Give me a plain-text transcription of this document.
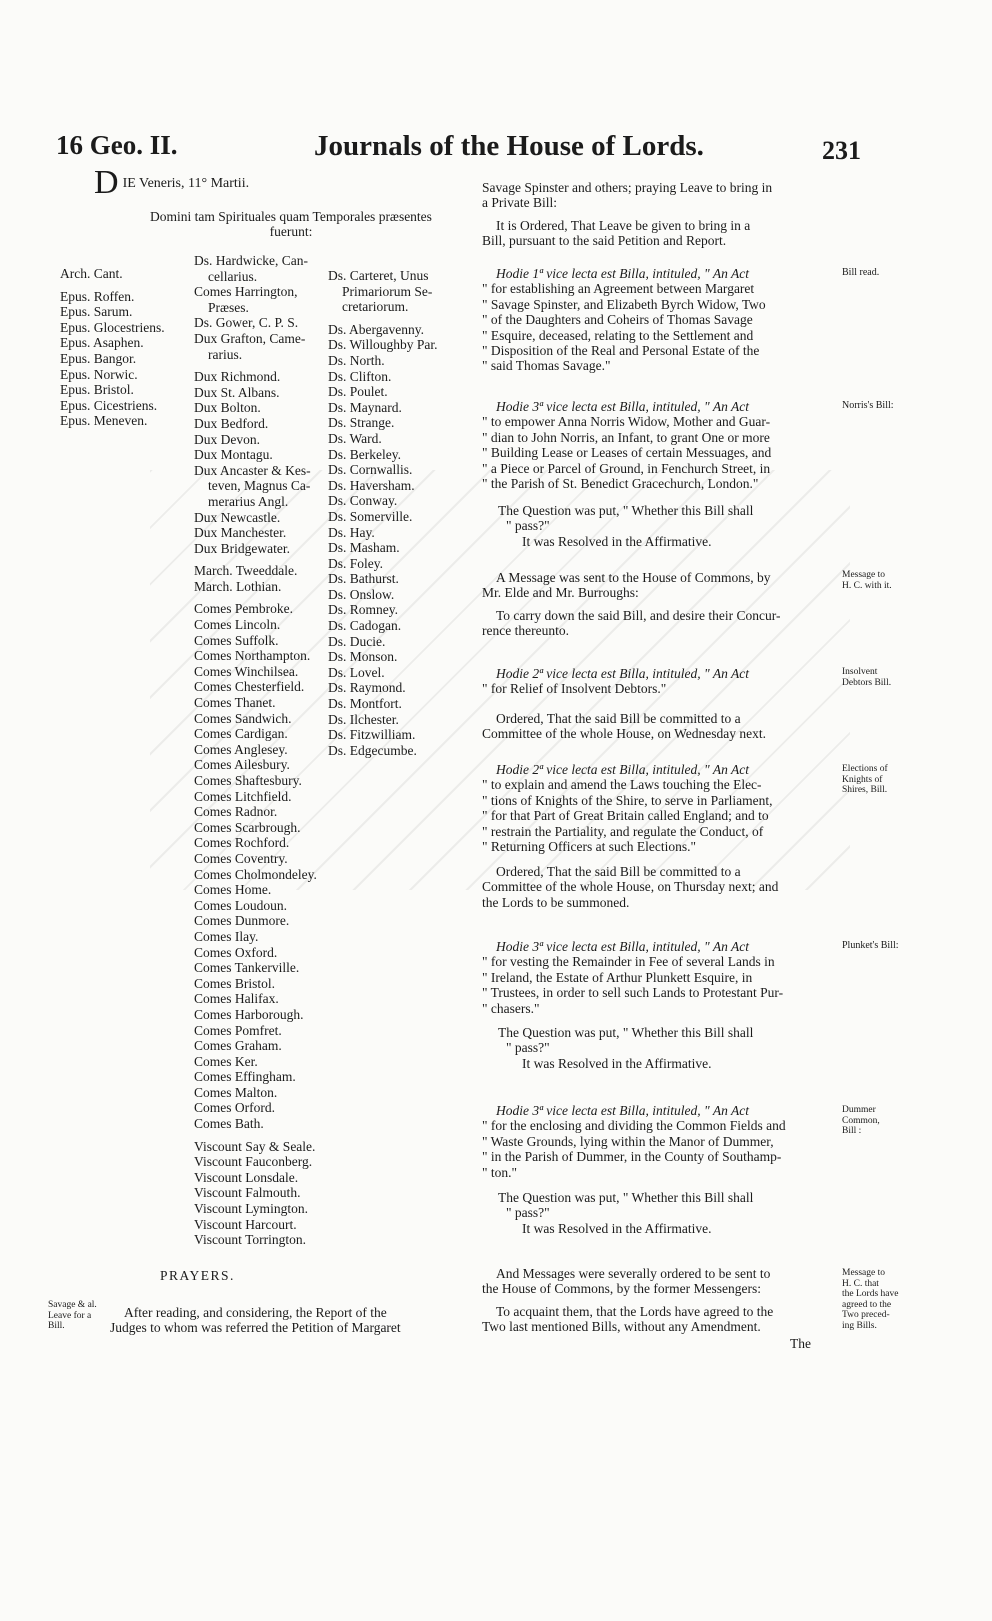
16 Geo. II.	Journals of the House of Lords.	231
D IE Veneris, 11° Martii.
Domini tam Spirituales quam Temporales præsentes
fuerunt:
Arch. Cant.
Epus. Roffen.
Epus. Sarum.
Epus. Glocestriens.
Epus. Asaphen.
Epus. Bangor.
Epus. Norwic.
Epus. Bristol.
Epus. Cicestriens.
Epus. Meneven.
Ds. Hardwicke, Can-
cellarius.
Comes Harrington,
Præses.
Ds. Gower, C. P. S.
Dux Grafton, Came-
rarius.
Dux Richmond.
Dux St. Albans.
Dux Bolton.
Dux Bedford.
Dux Devon.
Dux Montagu.
Dux Ancaster & Kes-
teven, Magnus Ca-
merarius Angl.
Dux Newcastle.
Dux Manchester.
Dux Bridgewater.
March. Tweeddale.
March. Lothian.
Comes Pembroke.
Comes Lincoln.
Comes Suffolk.
Comes Northampton.
Comes Winchilsea.
Comes Chesterfield.
Comes Thanet.
Comes Sandwich.
Comes Cardigan.
Comes Anglesey.
Comes Ailesbury.
Comes Shaftesbury.
Comes Litchfield.
Comes Radnor.
Comes Scarbrough.
Comes Rochford.
Comes Coventry.
Comes Cholmondeley.
Comes Home.
Comes Loudoun.
Comes Dunmore.
Comes Ilay.
Comes Oxford.
Comes Tankerville.
Comes Bristol.
Comes Halifax.
Comes Harborough.
Comes Pomfret.
Comes Graham.
Comes Ker.
Comes Effingham.
Comes Malton.
Comes Orford.
Comes Bath.
Viscount Say & Seale.
Viscount Fauconberg.
Viscount Lonsdale.
Viscount Falmouth.
Viscount Lymington.
Viscount Harcourt.
Viscount Torrington.
Ds. Carteret, Unus
Primariorum Se-
cretariorum.
Ds. Abergavenny.
Ds. Willoughby Par.
Ds. North.
Ds. Clifton.
Ds. Poulet.
Ds. Maynard.
Ds. Strange.
Ds. Ward.
Ds. Berkeley.
Ds. Cornwallis.
Ds. Haversham.
Ds. Conway.
Ds. Somerville.
Ds. Hay.
Ds. Masham.
Ds. Foley.
Ds. Bathurst.
Ds. Onslow.
Ds. Romney.
Ds. Cadogan.
Ds. Ducie.
Ds. Monson.
Ds. Lovel.
Ds. Raymond.
Ds. Montfort.
Ds. Ilchester.
Ds. Fitzwilliam.
Ds. Edgecumbe.
PRAYERS.
Savage & al.
Leave for a
Bill.
After reading, and considering, the Report of the
Judges to whom was referred the Petition of Margaret
Savage Spinster and others; praying Leave to bring in
a Private Bill:
It is Ordered, That Leave be given to bring in a
Bill, pursuant to the said Petition and Report.
Hodie 1ª vice lecta est Billa, intituled, " An Act
" for establishing an Agreement between Margaret
" Savage Spinster, and Elizabeth Byrch Widow, Two
" of the Daughters and Coheirs of Thomas Savage
" Esquire, deceased, relating to the Settlement and
" Disposition of the Real and Personal Estate of the
" said Thomas Savage."
Hodie 3ª vice lecta est Billa, intituled, " An Act
" to empower Anna Norris Widow, Mother and Guar-
" dian to John Norris, an Infant, to grant One or more
" Building Lease or Leases of certain Messuages, and
" a Piece or Parcel of Ground, in Fenchurch Street, in
" the Parish of St. Benedict Gracechurch, London."
The Question was put, " Whether this Bill shall
" pass?"
It was Resolved in the Affirmative.
A Message was sent to the House of Commons, by
Mr. Elde and Mr. Burroughs:
To carry down the said Bill, and desire their Concur-
rence thereunto.
Hodie 2ª vice lecta est Billa, intituled, " An Act
" for Relief of Insolvent Debtors."
Ordered, That the said Bill be committed to a
Committee of the whole House, on Wednesday next.
Hodie 2ª vice lecta est Billa, intituled, " An Act
" to explain and amend the Laws touching the Elec-
" tions of Knights of the Shire, to serve in Parliament,
" for that Part of Great Britain called England; and to
" restrain the Partiality, and regulate the Conduct, of
" Returning Officers at such Elections."
Ordered, That the said Bill be committed to a
Committee of the whole House, on Thursday next; and
the Lords to be summoned.
Hodie 3ª vice lecta est Billa, intituled, " An Act
" for vesting the Remainder in Fee of several Lands in
" Ireland, the Estate of Arthur Plunkett Esquire, in
" Trustees, in order to sell such Lands to Protestant Pur-
" chasers."
The Question was put, " Whether this Bill shall
" pass?"
It was Resolved in the Affirmative.
Hodie 3ª vice lecta est Billa, intituled, " An Act
" for the enclosing and dividing the Common Fields and
" Waste Grounds, lying within the Manor of Dummer,
" in the Parish of Dummer, in the County of Southamp-
" ton."
The Question was put, " Whether this Bill shall
" pass?"
It was Resolved in the Affirmative.
And Messages were severally ordered to be sent to
the House of Commons, by the former Messengers:
To acquaint them, that the Lords have agreed to the
Two last mentioned Bills, without any Amendment.
The
Bill read.
Norris's Bill:
Message to
H. C. with it.
Insolvent
Debtors Bill.
Elections of
Knights of
Shires, Bill.
Plunket's Bill:
Dummer
Common,
Bill :
Message to
H. C. that
the Lords have
agreed to the
Two preced-
ing Bills.
